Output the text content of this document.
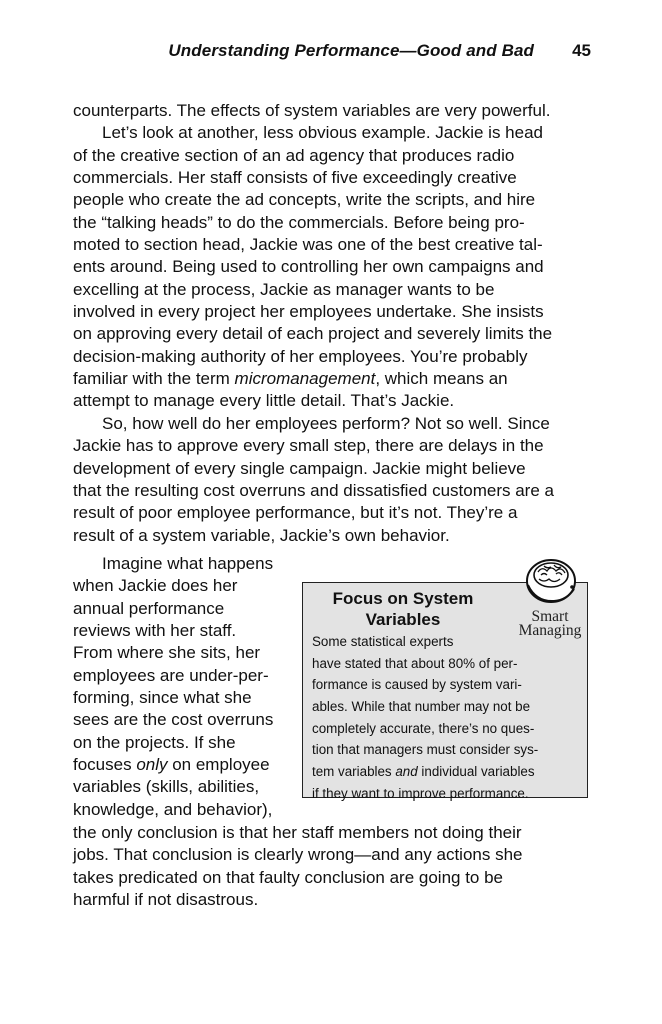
Understanding Performance—Good and Bad 45
counterparts. The effects of system variables are very powerful.
Let’s look at another, less obvious example. Jackie is head
of the creative section of an ad agency that produces radio
commercials. Her staff consists of five exceedingly creative
people who create the ad concepts, write the scripts, and hire
the “talking heads” to do the commercials. Before being pro-
moted to section head, Jackie was one of the best creative tal-
ents around. Being used to controlling her own campaigns and
excelling at the process, Jackie as manager wants to be
involved in every project her employees undertake. She insists
on approving every detail of each project and severely limits the
decision-making authority of her employees. You’re probably
familiar with the term micromanagement, which means an
attempt to manage every little detail. That’s Jackie.
So, how well do her employees perform? Not so well. Since
Jackie has to approve every small step, there are delays in the
development of every single campaign. Jackie might believe
that the resulting cost overruns and dissatisfied customers are a
result of poor employee performance, but it’s not. They’re a
result of a system variable, Jackie’s own behavior.
Imagine what happens
when Jackie does her
annual performance
reviews with her staff.
From where she sits, her
employees are under-per-
forming, since what she
sees are the cost overruns
on the projects. If she
focuses only on employee
variables (skills, abilities,
knowledge, and behavior),
the only conclusion is that her staff members not doing their
jobs. That conclusion is clearly wrong—and any actions she
takes predicated on that faulty conclusion are going to be
harmful if not disastrous.
Focus on System
Variables
Some statistical experts
have stated that about 80% of per-
formance is caused by system vari-
ables. While that number may not be
completely accurate, there’s no ques-
tion that managers must consider sys-
tem variables and individual variables
if they want to improve performance.
Smart
Managing
